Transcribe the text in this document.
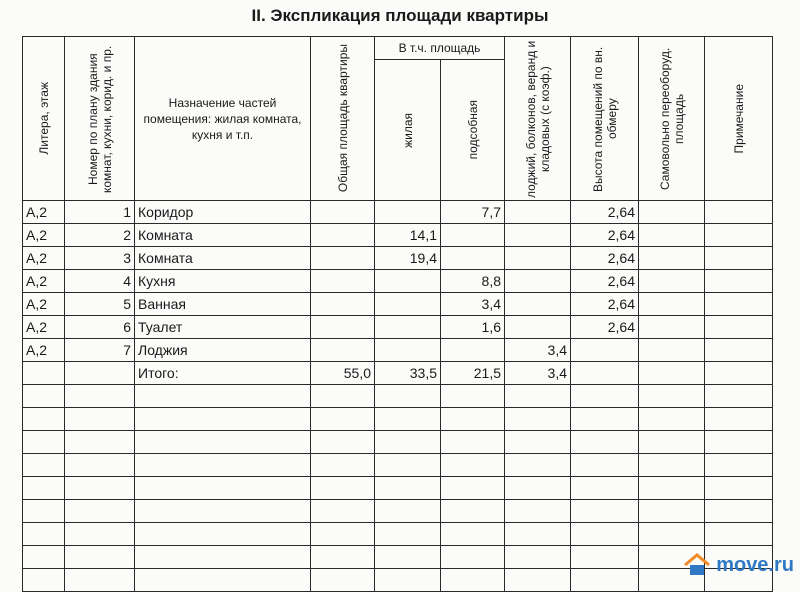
II. Экспликация площади квартиры
Литера, этаж	Номер по плану здания комнат, кухни, корид. и пр.	Назначение частей помещения: жилая комната, кухня и т.п.	Общая площадь квартиры	В т.ч. площадь		лоджий, болконов, веранд и кладовых (с коэф.)	Высота помещений по вн. обмеру	Самовольно переоборуд. площадь	Примечание

				жилая	подсобная				

А,2	1	Коридор			7,7		2,64		
А,2	2	Комната		14,1			2,64		
А,2	3	Комната		19,4			2,64		
А,2	4	Кухня			8,8		2,64		
А,2	5	Ванная			3,4		2,64		
А,2	6	Туалет			1,6		2,64		
А,2	7	Лоджия				3,4			
		Итого:	55,0	33,5	21,5	3,4			

move.ru
